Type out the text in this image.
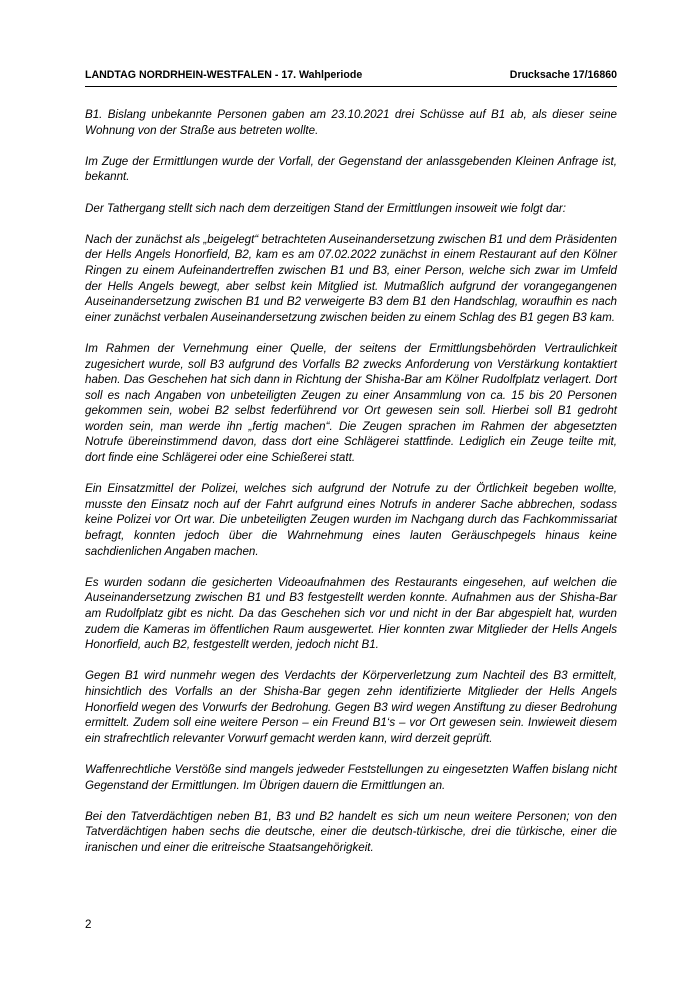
LANDTAG NORDRHEIN-WESTFALEN - 17. Wahlperiode	Drucksache 17/16860

B1. Bislang unbekannte Personen gaben am 23.10.2021 drei Schüsse auf B1 ab, als dieser seine Wohnung von der Straße aus betreten wollte.

Im Zuge der Ermittlungen wurde der Vorfall, der Gegenstand der anlassgebenden Kleinen Anfrage ist, bekannt.

Der Tathergang stellt sich nach dem derzeitigen Stand der Ermittlungen insoweit wie folgt dar:

Nach der zunächst als „beigelegt“ betrachteten Auseinandersetzung zwischen B1 und dem Präsidenten der Hells Angels Honorfield, B2, kam es am 07.02.2022 zunächst in einem Restaurant auf den Kölner Ringen zu einem Aufeinandertreffen zwischen B1 und B3, einer Person, welche sich zwar im Umfeld der Hells Angels bewegt, aber selbst kein Mitglied ist. Mutmaßlich aufgrund der vorangegangenen Auseinandersetzung zwischen B1 und B2 verweigerte B3 dem B1 den Handschlag, woraufhin es nach einer zunächst verbalen Auseinandersetzung zwischen beiden zu einem Schlag des B1 gegen B3 kam.

Im Rahmen der Vernehmung einer Quelle, der seitens der Ermittlungsbehörden Vertraulichkeit zugesichert wurde, soll B3 aufgrund des Vorfalls B2 zwecks Anforderung von Verstärkung kontaktiert haben. Das Geschehen hat sich dann in Richtung der Shisha-Bar am Kölner Rudolfplatz verlagert. Dort soll es nach Angaben von unbeteiligten Zeugen zu einer Ansammlung von ca. 15 bis 20 Personen gekommen sein, wobei B2 selbst federführend vor Ort gewesen sein soll. Hierbei soll B1 gedroht worden sein, man werde ihn „fertig machen“. Die Zeugen sprachen im Rahmen der abgesetzten Notrufe übereinstimmend davon, dass dort eine Schlägerei stattfinde. Lediglich ein Zeuge teilte mit, dort finde eine Schlägerei oder eine Schießerei statt.

Ein Einsatzmittel der Polizei, welches sich aufgrund der Notrufe zu der Örtlichkeit begeben wollte, musste den Einsatz noch auf der Fahrt aufgrund eines Notrufs in anderer Sache abbrechen, sodass keine Polizei vor Ort war. Die unbeteiligten Zeugen wurden im Nachgang durch das Fachkommissariat befragt, konnten jedoch über die Wahrnehmung eines lauten Geräuschpegels hinaus keine sachdienlichen Angaben machen.

Es wurden sodann die gesicherten Videoaufnahmen des Restaurants eingesehen, auf welchen die Auseinandersetzung zwischen B1 und B3 festgestellt werden konnte. Aufnahmen aus der Shisha-Bar am Rudolfplatz gibt es nicht. Da das Geschehen sich vor und nicht in der Bar abgespielt hat, wurden zudem die Kameras im öffentlichen Raum ausgewertet. Hier konnten zwar Mitglieder der Hells Angels Honorfield, auch B2, festgestellt werden, jedoch nicht B1.

Gegen B1 wird nunmehr wegen des Verdachts der Körperverletzung zum Nachteil des B3 ermittelt, hinsichtlich des Vorfalls an der Shisha-Bar gegen zehn identifizierte Mitglieder der Hells Angels Honorfield wegen des Vorwurfs der Bedrohung. Gegen B3 wird wegen Anstiftung zu dieser Bedrohung ermittelt. Zudem soll eine weitere Person – ein Freund B1‘s – vor Ort gewesen sein. Inwieweit diesem ein strafrechtlich relevanter Vorwurf gemacht werden kann, wird derzeit geprüft.

Waffenrechtliche Verstöße sind mangels jedweder Feststellungen zu eingesetzten Waffen bislang nicht Gegenstand der Ermittlungen. Im Übrigen dauern die Ermittlungen an.

Bei den Tatverdächtigen neben B1, B3 und B2 handelt es sich um neun weitere Personen; von den Tatverdächtigen haben sechs die deutsche, einer die deutsch-türkische, drei die türkische, einer die iranischen und einer die eritreische Staatsangehörigkeit.

2
